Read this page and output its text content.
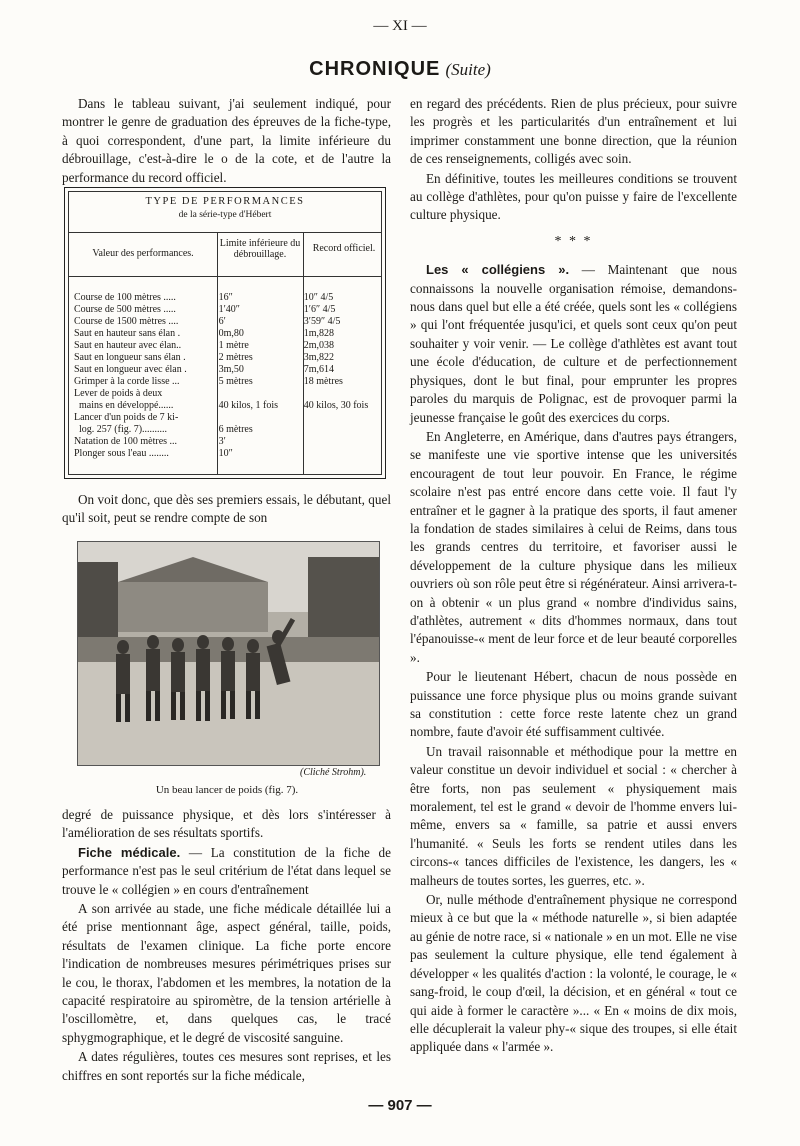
— XI —
CHRONIQUE (Suite)

Dans le tableau suivant, j'ai seulement indiqué, pour montrer le genre de graduation des épreuves de la fiche-type, à quoi correspondent, d'une part, la limite inférieure du débrouillage, c'est-à-dire le o de la cote, et de l'autre la performance du record officiel.

TYPE DE PERFORMANCES
de la série-type d'Hébert
Valeur des performances.
Limite inférieure du débrouillage.
Record officiel.
Course de 100 mètres .....	16″	10″ 4/5
Course de 500 mètres .....	1′40″	1′6″ 4/5
Course de 1500 mètres ....	6′	3′59″ 4/5
Saut en hauteur sans élan .	0m,80	1m,828
Saut en hauteur avec élan..	1 mètre	2m,038
Saut en longueur sans élan .	2 mètres	3m,822
Saut en longueur avec élan .	3m,50	7m,614
Grimper à la corde lisse ...	5 mètres	18 mètres
Lever de poids à deux
mains en développé......	40 kilos, 1 fois	40 kilos, 30 fois
Lancer d'un poids de 7 ki-
log. 257 (fig. 7)..........	6 mètres
Natation de 100 mètres ...	3′
Plonger sous l'eau ........	10″

On voit donc, que dès ses premiers essais, le débutant, quel qu'il soit, peut se rendre compte de son

(Cliché Strohm).
Un beau lancer de poids (fig. 7).

degré de puissance physique, et dès lors s'intéresser à l'amélioration de ses résultats sportifs.

Fiche médicale. — La constitution de la fiche de performance n'est pas le seul critérium de l'état dans lequel se trouve le « collégien » en cours d'entraînement

A son arrivée au stade, une fiche médicale détaillée lui a été prise mentionnant âge, aspect général, taille, poids, résultats de l'examen clinique. La fiche porte encore l'indication de nombreuses mesures périmétriques prises sur le cou, le thorax, l'abdomen et les membres, la notation de la capacité respiratoire au spiromètre, de la tension artérielle à l'oscillomètre, et, dans quelques cas, le tracé sphygmographique, et le degré de viscosité sanguine.

A dates régulières, toutes ces mesures sont reprises, et les chiffres en sont reportés sur la fiche médicale,

en regard des précédents. Rien de plus précieux, pour suivre les progrès et les particularités d'un entraînement et lui imprimer constamment une bonne direction, que la réunion de ces renseignements, colligés avec soin.

En définitive, toutes les meilleures conditions se trouvent au collège d'athlètes, pour qu'on puisse y faire de l'excellente culture physique.

* * *

Les « collégiens ». — Maintenant que nous connaissons la nouvelle organisation rémoise, demandons-nous dans quel but elle a été créée, quels sont les « collégiens » qui l'ont fréquentée jusqu'ici, et quels sont ceux qu'on peut souhaiter y voir venir. — Le collège d'athlètes est avant tout une école d'éducation, de culture et de perfectionnement physiques, dont le but final, pour emprunter les propres paroles du marquis de Polignac, est de provoquer parmi la jeunesse française le goût des exercices du corps.

En Angleterre, en Amérique, dans d'autres pays étrangers, se manifeste une vie sportive intense que les universités encouragent de tout leur pouvoir. En France, le régime scolaire n'est pas entré encore dans cette voie. Il faut l'y entraîner et le gagner à la pratique des sports, il faut amener la fondation de stades similaires à celui de Reims, dans tous les grands centres du territoire, et favoriser aussi le développement de la culture physique dans les milieux ouvriers où son rôle peut être si régénérateur. Ainsi arrivera-t-on à obtenir « un plus grand « nombre d'individus sains, d'athlètes, autrement « dits d'hommes normaux, dans tout l'épanouisse-« ment de leur force et de leur beauté corporelles ».

Pour le lieutenant Hébert, chacun de nous possède en puissance une force physique plus ou moins grande suivant sa constitution : cette force reste latente chez un grand nombre, faute d'avoir été suffisamment cultivée.

Un travail raisonnable et méthodique pour la mettre en valeur constitue un devoir individuel et social : « chercher à être forts, non pas seulement « physiquement mais moralement, tel est le grand « devoir de l'homme envers lui-même, envers sa « famille, sa patrie et aussi envers l'humanité. « Seuls les forts se rendent utiles dans les circons-« tances difficiles de l'existence, les dangers, les « malheurs de toutes sortes, les guerres, etc. ».

Or, nulle méthode d'entraînement physique ne correspond mieux à ce but que la « méthode naturelle », si bien adaptée au génie de notre race, si « nationale » en un mot. Elle ne vise pas seulement la culture physique, elle tend également à développer « les qualités d'action : la volonté, le courage, le « sang-froid, le coup d'œil, la décision, et en général « tout ce qui aide à former le caractère »... « En « moins de dix mois, elle décuplerait la valeur phy-« sique des troupes, si elle était appliquée dans « l'armée ».

— 907 —
